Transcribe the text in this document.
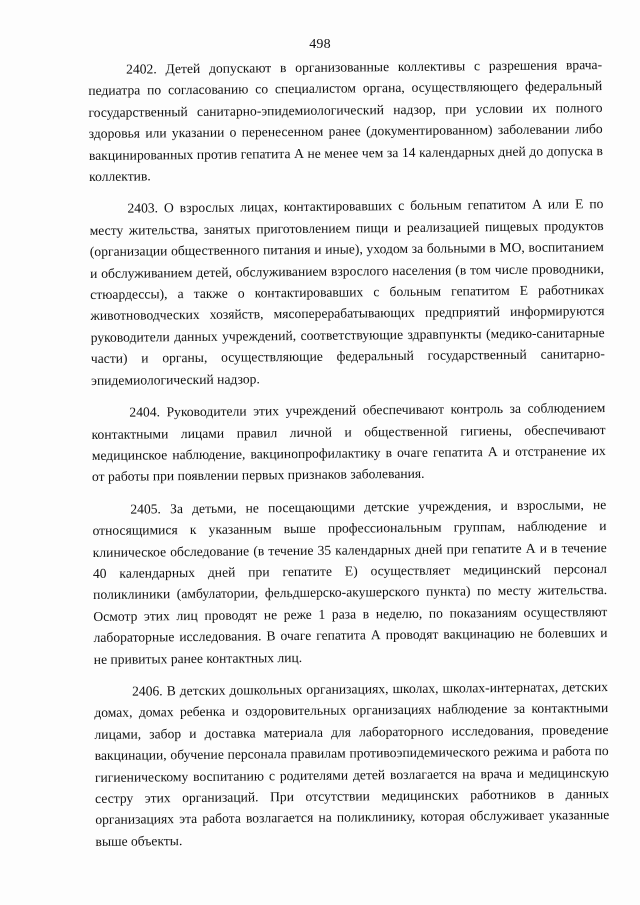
498

2402. Детей допускают в организованные коллективы с разрешения врача-педиатра по согласованию со специалистом органа, осуществляющего федеральный государственный санитарно-эпидемиологический надзор, при условии их полного здоровья или указании о перенесенном ранее (документированном) заболевании либо вакцинированных против гепатита А не менее чем за 14 календарных дней до допуска в коллектив.

2403. О взрослых лицах, контактировавших с больным гепатитом А или Е по месту жительства, занятых приготовлением пищи и реализацией пищевых продуктов (организации общественного питания и иные), уходом за больными в МО, воспитанием и обслуживанием детей, обслуживанием взрослого населения (в том числе проводники, стюардессы), а также о контактировавших с больным гепатитом Е работниках животноводческих хозяйств, мясоперерабатывающих предприятий информируются руководители данных учреждений, соответствующие здравпункты (медико-санитарные части) и органы, осуществляющие федеральный государственный санитарно-эпидемиологический надзор.

2404. Руководители этих учреждений обеспечивают контроль за соблюдением контактными лицами правил личной и общественной гигиены, обеспечивают медицинское наблюдение, вакцинопрофилактику в очаге гепатита А и отстранение их от работы при появлении первых признаков заболевания.

2405. За детьми, не посещающими детские учреждения, и взрослыми, не относящимися к указанным выше профессиональным группам, наблюдение и клиническое обследование (в течение 35 календарных дней при гепатите А и в течение 40 календарных дней при гепатите Е) осуществляет медицинский персонал поликлиники (амбулатории, фельдшерско-акушерского пункта) по месту жительства. Осмотр этих лиц проводят не реже 1 раза в неделю, по показаниям осуществляют лабораторные исследования. В очаге гепатита А проводят вакцинацию не болевших и не привитых ранее контактных лиц.

2406. В детских дошкольных организациях, школах, школах-интернатах, детских домах, домах ребенка и оздоровительных организациях наблюдение за контактными лицами, забор и доставка материала для лабораторного исследования, проведение вакцинации, обучение персонала правилам противоэпидемического режима и работа по гигиеническому воспитанию с родителями детей возлагается на врача и медицинскую сестру этих организаций. При отсутствии медицинских работников в данных организациях эта работа возлагается на поликлинику, которая обслуживает указанные выше объекты.
